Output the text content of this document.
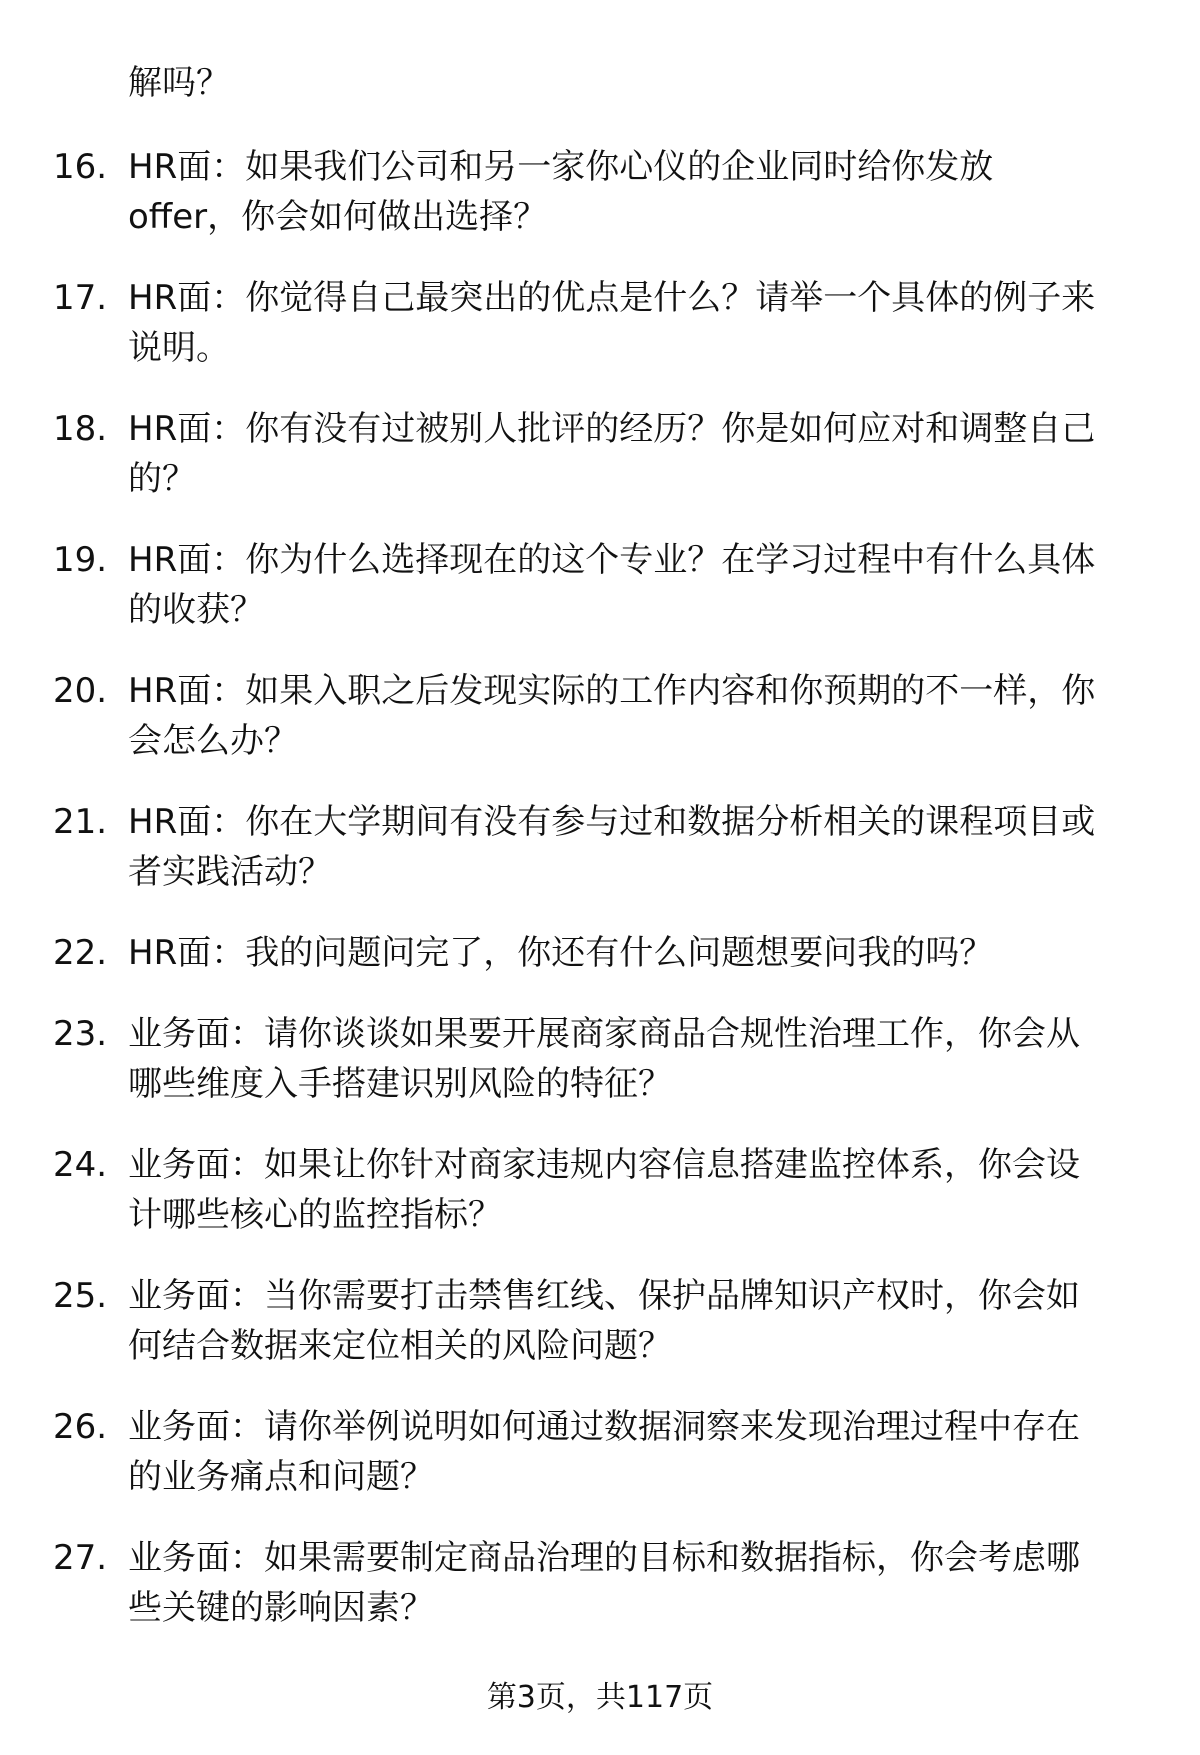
解吗？
16. HR面：如果我们公司和另一家你心仪的企业同时给你发放
offer，你会如何做出选择？
17. HR面：你觉得自己最突出的优点是什么？请举一个具体的例子来
说明。
18. HR面：你有没有过被别人批评的经历？你是如何应对和调整自己
的？
19. HR面：你为什么选择现在的这个专业？在学习过程中有什么具体
的收获？
20. HR面：如果入职之后发现实际的工作内容和你预期的不一样，你
会怎么办？
21. HR面：你在大学期间有没有参与过和数据分析相关的课程项目或
者实践活动？
22. HR面：我的问题问完了，你还有什么问题想要问我的吗？
23. 业务面：请你谈谈如果要开展商家商品合规性治理工作，你会从
哪些维度入手搭建识别风险的特征？
24. 业务面：如果让你针对商家违规内容信息搭建监控体系，你会设
计哪些核心的监控指标？
25. 业务面：当你需要打击禁售红线、保护品牌知识产权时，你会如
何结合数据来定位相关的风险问题？
26. 业务面：请你举例说明如何通过数据洞察来发现治理过程中存在
的业务痛点和问题？
27. 业务面：如果需要制定商品治理的目标和数据指标，你会考虑哪
些关键的影响因素？
第3页，共117页
